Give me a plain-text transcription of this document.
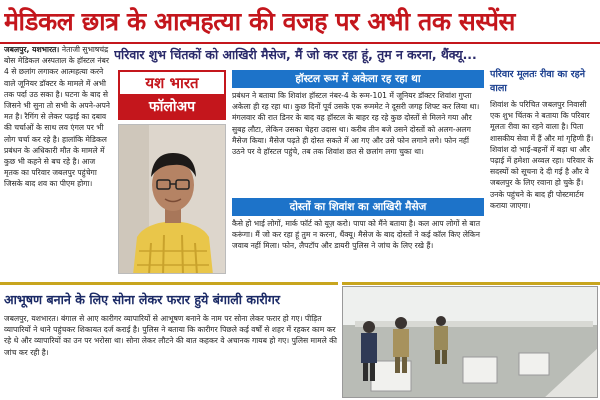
मेडिकल छात्र के आत्महत्या की वजह पर अभी तक सस्पेंस
जबलपुर, यशभारत। नेताजी सुभाषचंद्र बोस मेडिकल अस्पताल के हॉस्टल नंबर 4 से छलांग लगाकर आत्महत्या करने वाले जूनियर डॉक्टर के मामले में अभी तक पर्दा उठ सका है। घटना के बाद से जिसने भी सुना तो सभी के अपने-अपने मत है। रैगिंग से लेकर पढ़ाई का दबाव की चर्चाओं के साथ लव एंगल पर भी लोग चर्चा कर रहे है। हालांकि मेडिकल प्रबंधन के अधिकारी मौत के मामले में कुछ भी कहने से बच रहे है। आज मृतक का परिवार जबलपुर पहुंचेगा जिसके बाद शव का पीएम होगा।
परिवार शुभ चिंतकों को आखिरी मैसेज, मैं जो कर रहा हूं, तुम न करना, थैंक्यू...
यश भारत
फॉलोअप
हॉस्टल रूम में अकेला रह रहा था
प्रबंधन ने बताया कि शिवांश हॉस्टल नंबर-4 के रूम-101 में जूनियर डॉक्टर शिवांश गुप्ता अकेला ही रह रहा था। कुछ दिनों पूर्व उसके एक रूममेट ने दूसरी जगह शिफ्ट कर लिया था। मंगलवार की रात डिनर के बाद वह हॉस्टल के बाहर रह रहे कुछ दोस्तों से मिलने गया और सुबह लौटा, लेकिन उसका चेहरा उदास था। करीब तीन बजे उसने दोस्तों को अलग-अलग मैसेज किया। मैसेज पढ़ते ही दोस्त सकते में आ गए और उसे फोन लगाने लगे। फोन नहीं उठने पर वे हॉस्टल पहुंचे, तब तक शिवांश छत से छलांग लगा चुका था।
दोस्तों का शिवांश का आखिरी मैसेज
कैसे हो भाई लोगों, मार्क फॉर्ट को यूज़ करो। पापा को मैंने बताया है। कल आप लोगों से बात करूंगा। मैं जो कर रहा हूं तुम न करना, थैंक्यू। मैसेज के बाद दोस्तों ने कई कॉल किए लेकिन जवाब नहीं मिला। फोन, लैपटॉप और डायरी पुलिस ने जांच के लिए रखे हैं।
परिवार मूलतः रीवा का रहने वाला
शिवांश के परिचित जबलपुर निवासी एक शुभ चिंतक ने बताया कि परिवार मूलतः रीवा का रहने वाला है। पिता शासकीय सेवा में हैं और मां गृहिणी हैं। शिवांश दो भाई-बहनों में बड़ा था और पढ़ाई में हमेशा अव्वल रहा। परिवार के सदस्यों को सूचना दे दी गई है और वे जबलपुर के लिए रवाना हो चुके हैं। उनके पहुंचने के बाद ही पोस्टमार्टम कराया जाएगा।
आभूषण बनाने के लिए सोना लेकर फरार हुये बंगाली कारीगर
जबलपुर, यशभारत। बंगाल से आए कारीगर व्यापारियों से आभूषण बनाने के नाम पर सोना लेकर फरार हो गए। पीड़ित व्यापारियों ने थाने पहुंचकर शिकायत दर्ज कराई है। पुलिस ने बताया कि कारीगर पिछले कई वर्षों से शहर में रहकर काम कर रहे थे और व्यापारियों का उन पर भरोसा था। सोना लेकर लौटने की बात कहकर वे अचानक गायब हो गए। पुलिस मामले की जांच कर रही है।
